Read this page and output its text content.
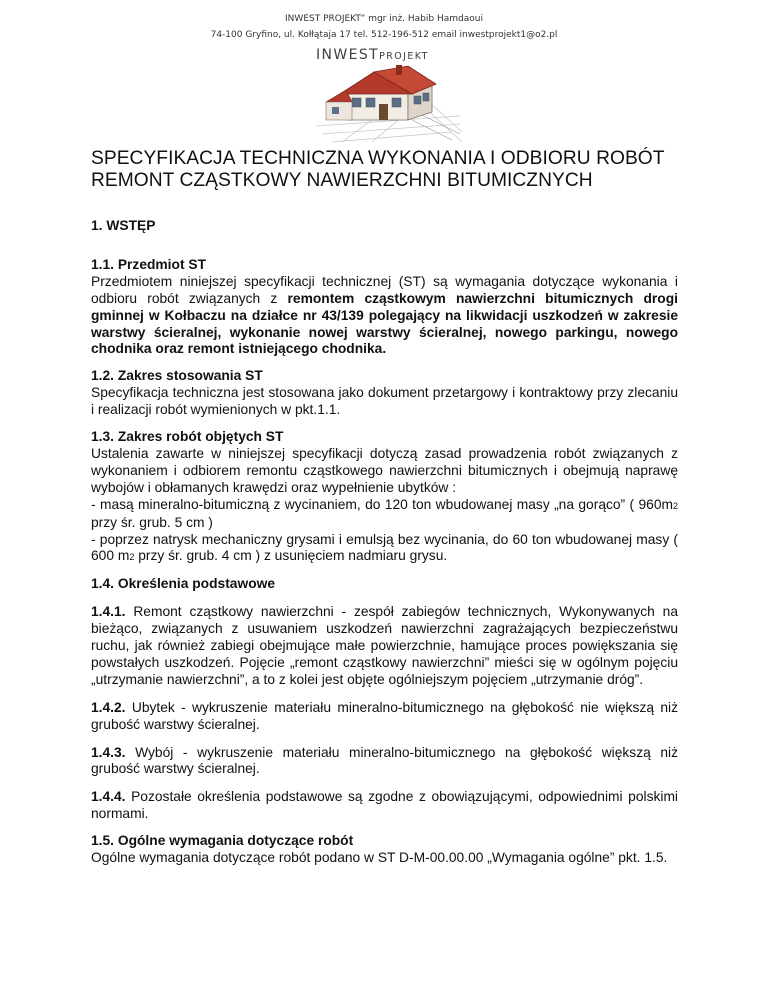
INWEST PROJEKT” mgr inż. Habib Hamdaoui
74-100 Gryfino, ul. Kołłątaja 17 tel. 512-196-512 email inwestprojekt1@o2.pl
INWESTPROJEKT
SPECYFIKACJA TECHNICZNA WYKONANIA I ODBIORU ROBÓT
REMONT CZĄSTKOWY NAWIERZCHNI BITUMICZNYCH

1. WSTĘP

1.1. Przedmiot ST

Przedmiotem niniejszej specyfikacji technicznej (ST) są wymagania dotyczące wykonania i odbioru robót związanych z remontem cząstkowym nawierzchni bitumicznych drogi gminnej w Kołbaczu na działce nr 43/139 polegający na likwidacji uszkodzeń w zakresie warstwy ścieralnej, wykonanie nowej warstwy ścieralnej, nowego parkingu, nowego chodnika oraz remont istniejącego chodnika.

1.2. Zakres stosowania ST

Specyfikacja techniczna jest stosowana jako dokument przetargowy i kontraktowy przy zlecaniu i realizacji robót wymienionych w pkt.1.1.

1.3. Zakres robót objętych ST

Ustalenia zawarte w niniejszej specyfikacji dotyczą zasad prowadzenia robót związanych z wykonaniem i odbiorem remontu cząstkowego nawierzchni bitumicznych i obejmują naprawę wybojów i obłamanych krawędzi oraz wypełnienie ubytków :

- masą mineralno-bitumiczną z wycinaniem, do 120 ton wbudowanej masy „na gorąco” ( 960m2 przy śr. grub. 5 cm )

- poprzez natrysk mechaniczny grysami i emulsją bez wycinania, do 60 ton wbudowanej masy ( 600 m2 przy śr. grub. 4 cm ) z usunięciem nadmiaru grysu.

1.4. Określenia podstawowe

1.4.1. Remont cząstkowy nawierzchni - zespół zabiegów technicznych, Wykonywanych na bieżąco, związanych z usuwaniem uszkodzeń nawierzchni zagrażających bezpieczeństwu ruchu, jak również zabiegi obejmujące małe powierzchnie, hamujące proces powiększania się powstałych uszkodzeń. Pojęcie „remont cząstkowy nawierzchni” mieści się w ogólnym pojęciu „utrzymanie nawierzchni”, a to z kolei jest objęte ogólniejszym pojęciem „utrzymanie dróg”.

1.4.2. Ubytek - wykruszenie materiału mineralno-bitumicznego na głębokość nie większą niż grubość warstwy ścieralnej.

1.4.3. Wybój - wykruszenie materiału mineralno-bitumicznego na głębokość większą niż grubość warstwy ścieralnej.

1.4.4. Pozostałe określenia podstawowe są zgodne z obowiązującymi, odpowiednimi polskimi normami.

1.5. Ogólne wymagania dotyczące robót

Ogólne wymagania dotyczące robót podano w ST D-M-00.00.00 „Wymagania ogólne” pkt. 1.5.
